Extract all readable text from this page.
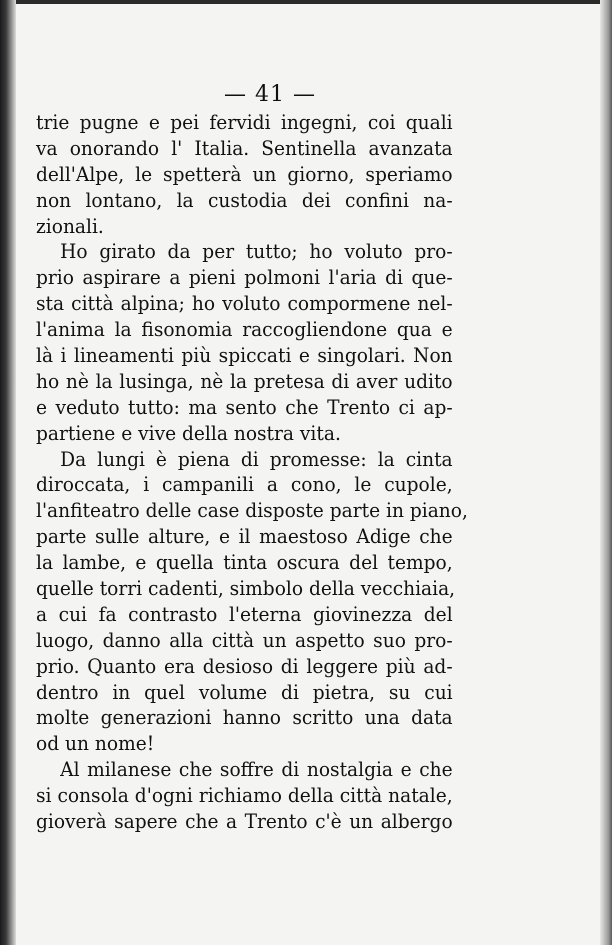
— 41 —
trie pugne e pei fervidi ingegni, coi quali
va onorando l' Italia. Sentinella avanzata
dell'Alpe, le spetterà un giorno, speriamo
non lontano, la custodia dei confini na-
zionali.
Ho girato da per tutto; ho voluto pro-
prio aspirare a pieni polmoni l'aria di que-
sta città alpina; ho voluto compormene nel-
l'anima la fisonomia raccogliendone qua e
là i lineamenti più spiccati e singolari. Non
ho nè la lusinga, nè la pretesa di aver udito
e veduto tutto: ma sento che Trento ci ap-
partiene e vive della nostra vita.
Da lungi è piena di promesse: la cinta
diroccata, i campanili a cono, le cupole,
l'anfiteatro delle case disposte parte in piano,
parte sulle alture, e il maestoso Adige che
la lambe, e quella tinta oscura del tempo,
quelle torri cadenti, simbolo della vecchiaia,
a cui fa contrasto l'eterna giovinezza del
luogo, danno alla città un aspetto suo pro-
prio. Quanto era desioso di leggere più ad-
dentro in quel volume di pietra, su cui
molte generazioni hanno scritto una data
od un nome!
Al milanese che soffre di nostalgia e che
si consola d'ogni richiamo della città natale,
gioverà sapere che a Trento c'è un albergo
